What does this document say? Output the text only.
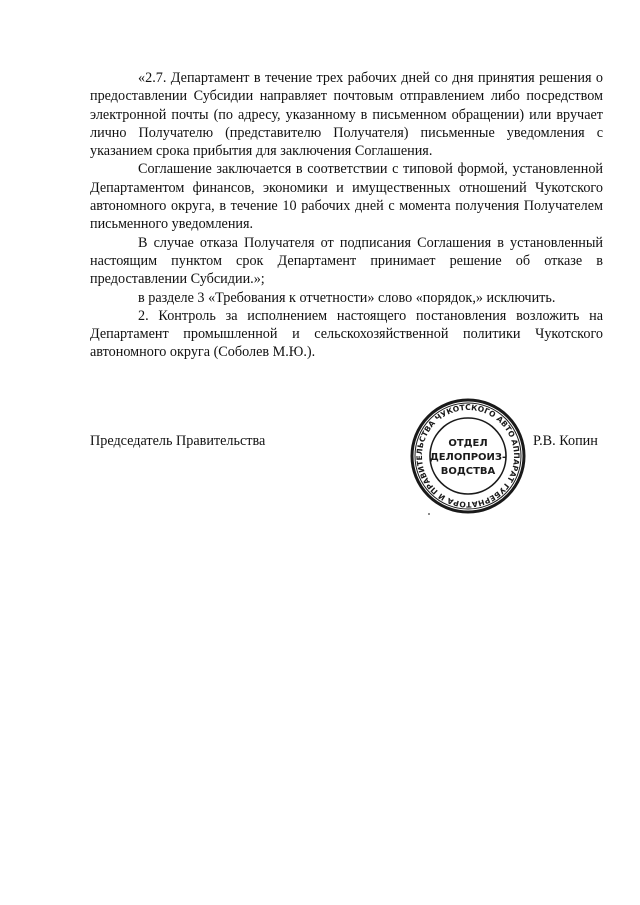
«2.7. Департамент в течение трех рабочих дней со дня принятия решения о предоставлении Субсидии направляет почтовым отправлением либо посредством электронной почты (по адресу, указанному в письменном обращении) или вручает лично Получателю (представителю Получателя) письменные уведомления с указанием срока прибытия для заключения Соглашения.

Соглашение заключается в соответствии с типовой формой, установленной Департаментом финансов, экономики и имущественных отношений Чукотского автономного округа, в течение 10 рабочих дней с момента получения Получателем письменного уведомления.

В случае отказа Получателя от подписания Соглашения в установленный настоящим пунктом срок Департамент принимает решение об отказе в предоставлении Субсидии.»;

в разделе 3 «Требования к отчетности» слово «порядок,» исключить.

2. Контроль за исполнением настоящего постановления возложить на Департамент промышленной и сельскохозяйственной политики Чукотского автономного округа (Соболев М.Ю.).

Председатель Правительства	Р.В. Копин
АППАРАТ ГУБЕРНАТОРА И ПРАВИТЕЛЬСТВА ЧУКОТСКОГО АВТОНОМНОГО
ОТДЕЛ
ДЕЛОПРОИЗ-
ВОДСТВА
